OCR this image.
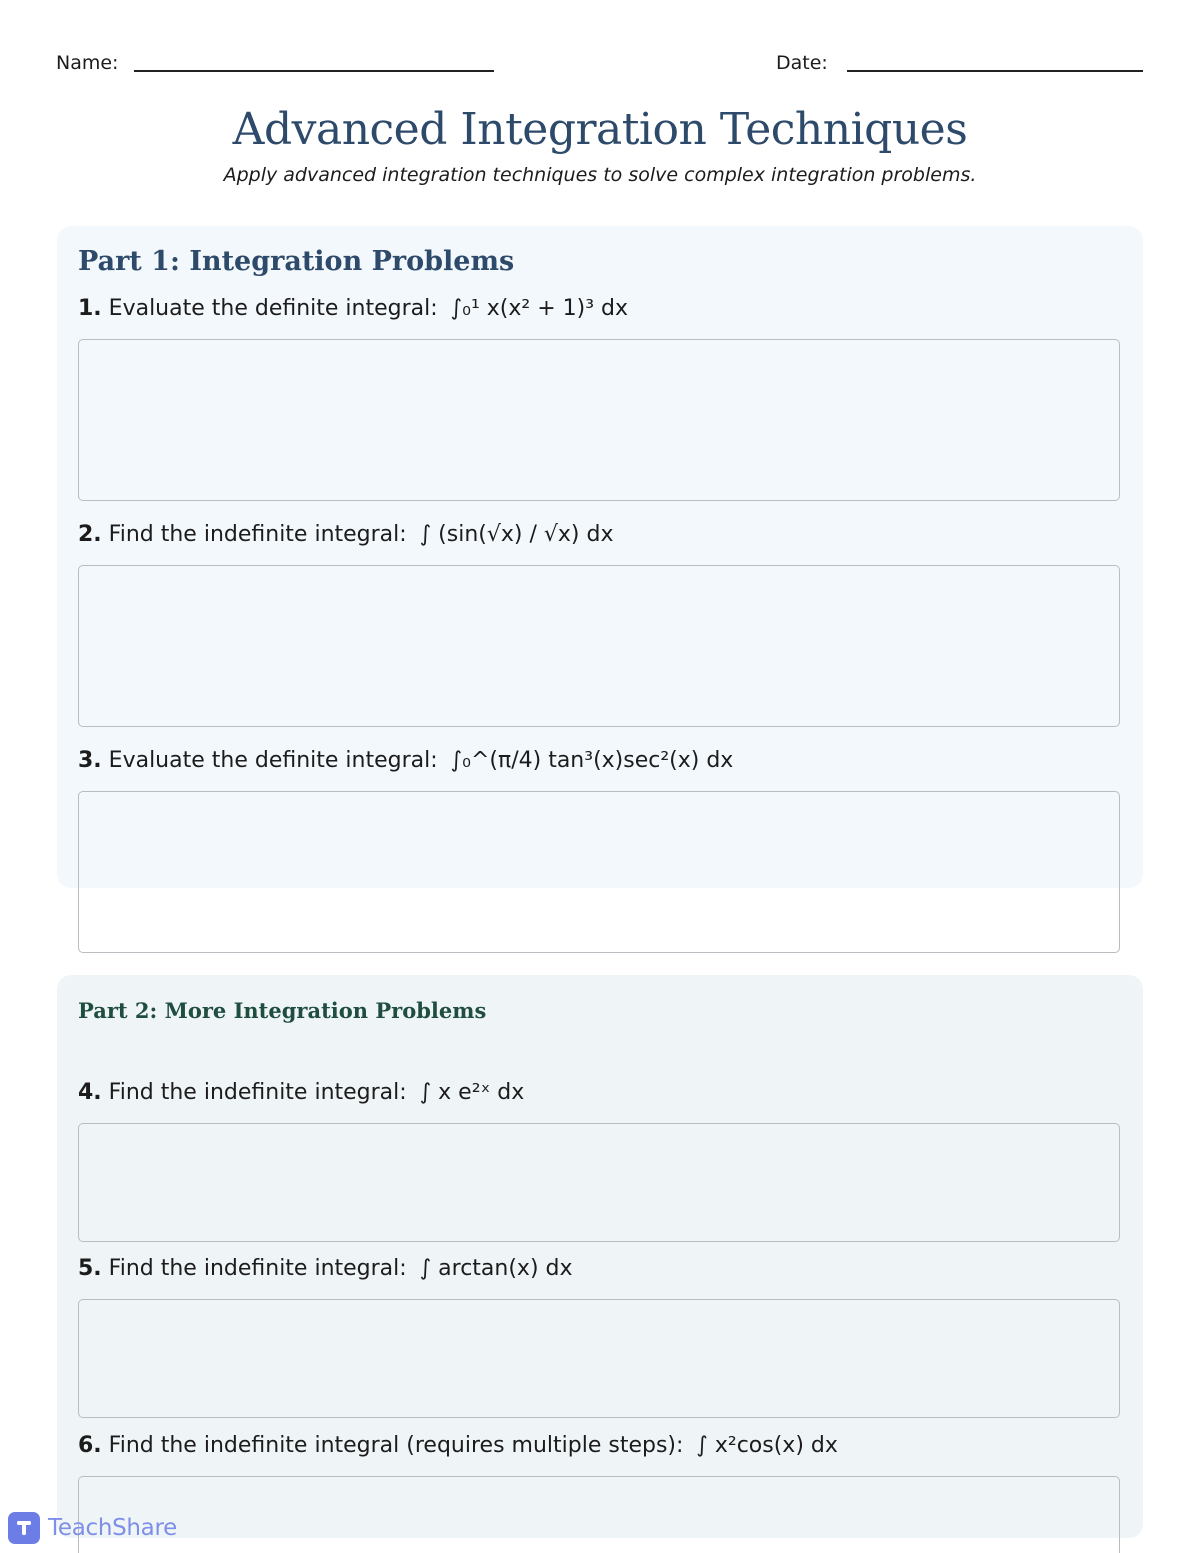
Name:	Date:
Advanced Integration Techniques
Apply advanced integration techniques to solve complex integration problems.
Part 1: Integration Problems
1. Evaluate the definite integral: ∫₀¹ x(x² + 1)³ dx
2. Find the indefinite integral: ∫ (sin(√x) / √x) dx
3. Evaluate the definite integral: ∫₀^(π/4) tan³(x)sec²(x) dx
Part 2: More Integration Problems
4. Find the indefinite integral: ∫ x e²ˣ dx
5. Find the indefinite integral: ∫ arctan(x) dx
6. Find the indefinite integral (requires multiple steps): ∫ x²cos(x) dx
TeachShare
